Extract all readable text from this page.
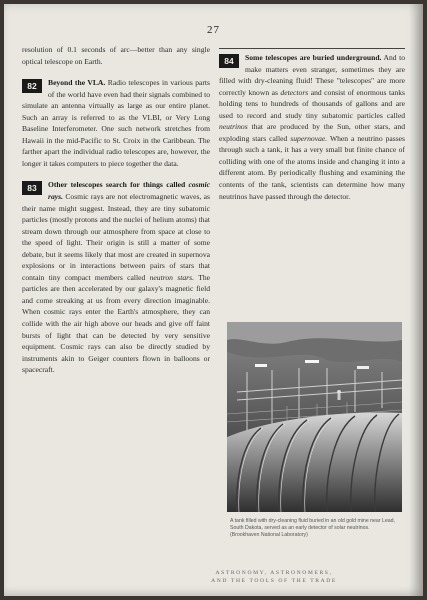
27

resolution of 0.1 seconds of arc—better than any single optical telescope on Earth.

82	Beyond the VLA. Radio telescopes in various parts of the world have even had their signals combined to simulate an antenna virtually as large as our entire planet. Such an array is referred to as the VLBI, or Very Long Baseline Interferometer. One such network stretches from Hawaii in the mid-Pacific to St. Croix in the Caribbean. The farther apart the individual radio telescopes are, however, the longer it takes computers to piece together the data.

83	Other telescopes search for things called cosmic rays. Cosmic rays are not electromagnetic waves, as their name might suggest. Instead, they are tiny subatomic particles (mostly protons and the nuclei of helium atoms) that stream down through our atmosphere from space at close to the speed of light. Their origin is still a matter of some debate, but it seems likely that most are created in supernova explosions or in interactions between pairs of stars that contain tiny compact members called neutron stars. The particles are then accelerated by our galaxy's magnetic field and come streaking at us from every direction imaginable. When cosmic rays enter the Earth's atmosphere, they can collide with the air high above our heads and give off faint bursts of light that can be detected by very sensitive equipment. Cosmic rays can also be directly studied by instruments akin to Geiger counters flown in balloons or spacecraft.

84	Some telescopes are buried underground. And to make matters even stranger, sometimes they are filled with dry-cleaning fluid! These "telescopes" are more correctly known as detectors and consist of enormous tanks holding tens to hundreds of thousands of gallons and are used to record and study tiny subatomic particles called neutrinos that are produced by the Sun, other stars, and exploding stars called supernovae. When a neutrino passes through such a tank, it has a very small but finite chance of colliding with one of the atoms inside and changing it into a different atom. By periodically flushing and examining the contents of the tank, scientists can determine how many neutrinos have passed through the detector.

A tank filled with dry-cleaning fluid buried in an old gold mine near Lead, South Dakota, served as an early detector of solar neutrinos. (Brookhaven National Laboratory)
ASTRONOMY, ASTRONOMERS,
AND THE TOOLS OF THE TRADE
